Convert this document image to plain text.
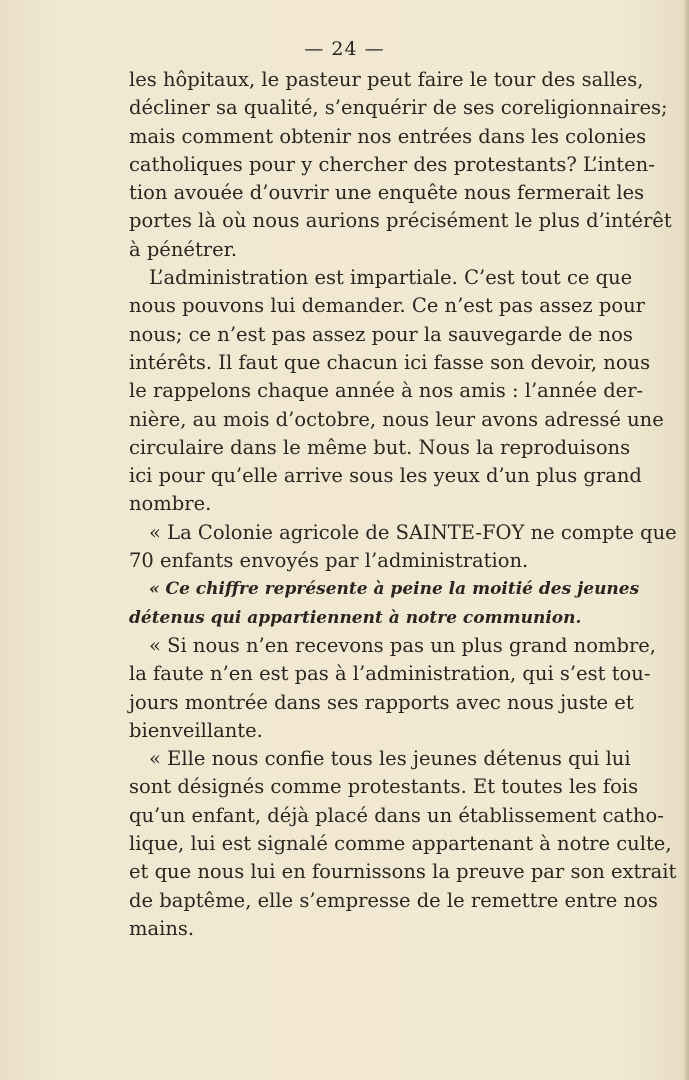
— 24 —
les hôpitaux, le pasteur peut faire le tour des salles,
décliner sa qualité, s’enquérir de ses coreligionnaires;
mais comment obtenir nos entrées dans les colonies
catholiques pour y chercher des protestants? L’inten-
tion avouée d’ouvrir une enquête nous fermerait les
portes là où nous aurions précisément le plus d’intérêt
à pénétrer.
L’administration est impartiale. C’est tout ce que
nous pouvons lui demander. Ce n’est pas assez pour
nous; ce n’est pas assez pour la sauvegarde de nos
intérêts. Il faut que chacun ici fasse son devoir, nous
le rappelons chaque année à nos amis : l’année der-
nière, au mois d’octobre, nous leur avons adressé une
circulaire dans le même but. Nous la reproduisons
ici pour qu’elle arrive sous les yeux d’un plus grand
nombre.
« La Colonie agricole de SAINTE-FOY ne compte que
70 enfants envoyés par l’administration.
« Ce chiffre représente à peine la moitié des jeunes
détenus qui appartiennent à notre communion.
« Si nous n’en recevons pas un plus grand nombre,
la faute n’en est pas à l’administration, qui s’est tou-
jours montrée dans ses rapports avec nous juste et
bienveillante.
« Elle nous confie tous les jeunes détenus qui lui
sont désignés comme protestants. Et toutes les fois
qu’un enfant, déjà placé dans un établissement catho-
lique, lui est signalé comme appartenant à notre culte,
et que nous lui en fournissons la preuve par son extrait
de baptême, elle s’empresse de le remettre entre nos
mains.
